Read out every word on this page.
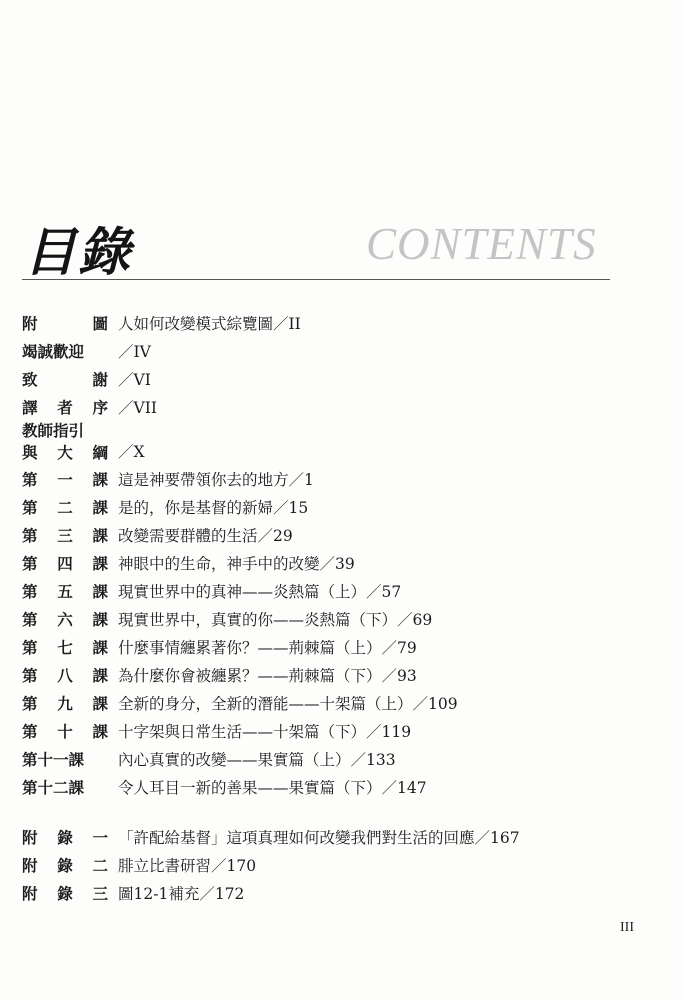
目錄	CONTENTS
附	圖 人如何改變模式綜覽圖／II
竭誠歡迎	／IV
致	謝 ／VI
譯 者 序 ／VII
教師指引
與 大 綱 ／X
第 一 課 這是神要帶領你去的地方／1
第 二 課 是的，你是基督的新婦／15
第 三 課 改變需要群體的生活／29
第 四 課 神眼中的生命，神手中的改變／39
第 五 課 現實世界中的真神——炎熱篇（上）／57
第 六 課 現實世界中，真實的你——炎熱篇（下）／69
第 七 課 什麼事情纏累著你？——荊棘篇（上）／79
第 八 課 為什麼你會被纏累？——荊棘篇（下）／93
第 九 課 全新的身分，全新的潛能——十架篇（上）／109
第 十 課 十字架與日常生活——十架篇（下）／119
第十一課	內心真實的改變——果實篇（上）／133
第十二課	令人耳目一新的善果——果實篇（下）／147
附 錄 一 「許配給基督」這項真理如何改變我們對生活的回應／167
附 錄 二 腓立比書研習／170
附 錄 三 圖12-1補充／172
III
